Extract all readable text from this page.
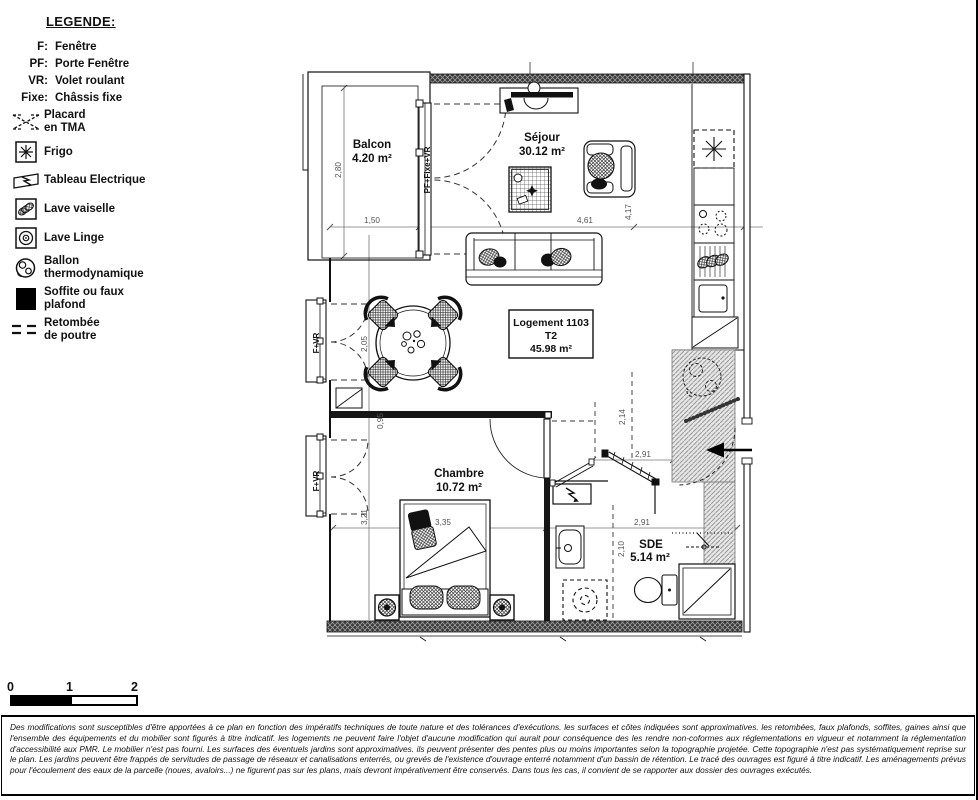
LEGENDE:
F: Fenêtre
PF: Porte Fenêtre
VR: Volet roulant
Fixe: Châssis fixe
Placard
en TMA
Frigo
Tableau Electrique
Lave vaiselle
Lave Linge
Ballon
thermodynamique
Soffite ou faux
plafond
Retombée
de poutre
Balcon
4.20 m²
Séjour
30.12 m²
Chambre
10.72 m²
SDE
5.14 m²
Logement 1103
T2
45.98 m²
PF+Fixe+VR
F+VR
F+VR
2,80
1,50	4,61
4,17
2,05
0,95
3,21	3,35
2,14
2,91
2,91
2,10
0	1	2
Des modifications sont susceptibles d'être apportées à ce plan en fonction des impératifs techniques de toute nature et des tolérances d'exécutions. les surfaces et côtes indiquées sont approximatives. les retombées, faux plafonds, soffites, gaines ainsi que l'ensemble des équipements et du mobilier sont figurés à titre indicatif. les logements ne peuvent faire l'objet d'aucune modification qui aurait pour conséquence des les rendre non-coformes aux réglementations en vigueur et notamment la réglementation d'accessibilité aux PMR. Le mobilier n'est pas fourni. Les surfaces des éventuels jardins sont approximatives. ils peuvent présenter des pentes plus ou moins importantes selon la topographie projetée. Cette topographie n'est pas systématiquement reprise sur le plan. Les jardins peuvent être frappés de servitudes de passage de réseaux et canalisations enterrés, ou grevés de l'existence d'ouvrage enterré notamment d'un bassin de rétention. Le tracé des ouvrages est figuré à titre indicatif. Les aménagements prévus pour l'écoulement des eaux de la parcelle (noues, avaloirs...) ne figurent pas sur les plans, mais devront impérativement être conservés. Dans tous les cas, il convient de se rapporter aux dossier des ouvrages exécutés.
